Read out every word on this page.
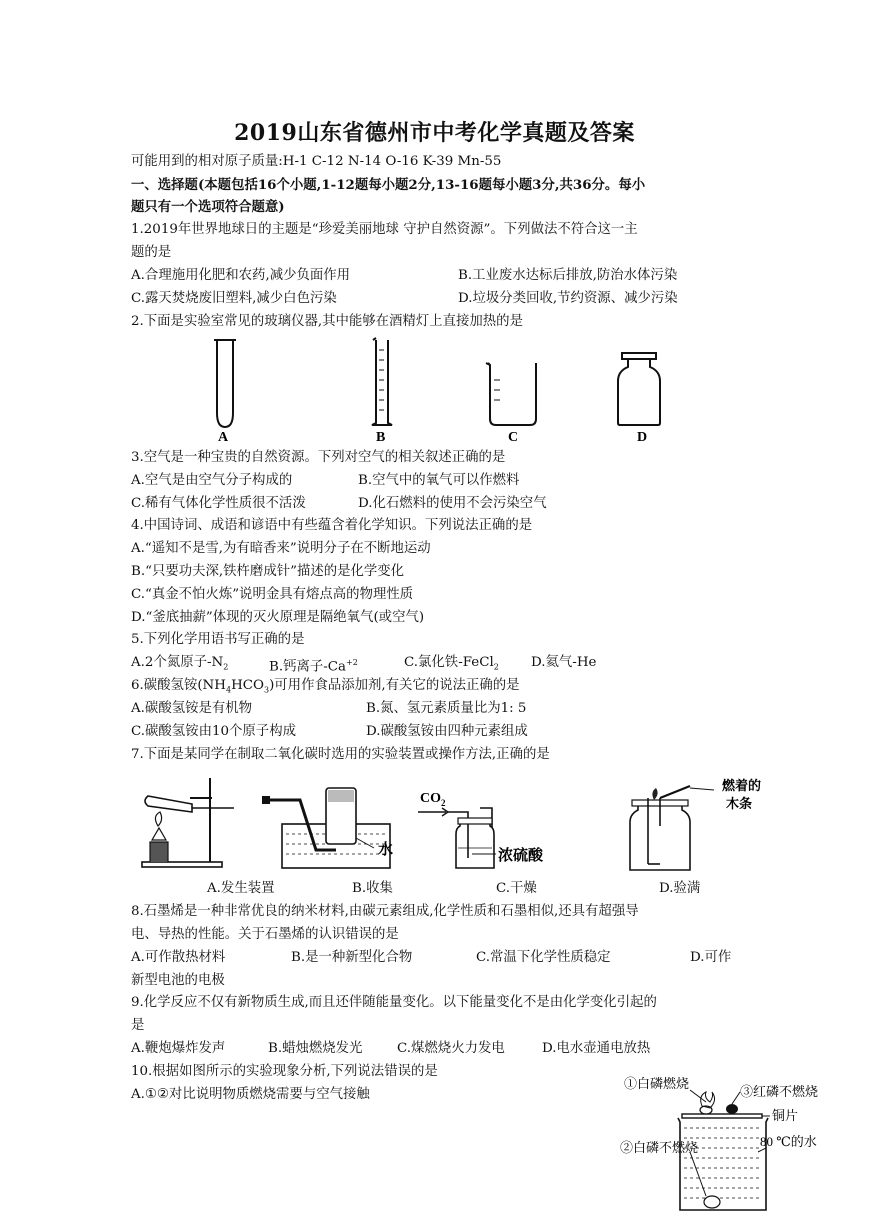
2019山东省德州市中考化学真题及答案
可能用到的相对原子质量:H-1 C-12 N-14 O-16 K-39 Mn-55
一、选择题(本题包括16个小题,1-12题每小题2分,13-16题每小题3分,共36分。每小
题只有一个选项符合题意)
1.2019年世界地球日的主题是“珍爱美丽地球 守护自然资源”。下列做法不符合这一主
题的是
A.合理施用化肥和农药,减少负面作用	B.工业废水达标后排放,防治水体污染
C.露天焚烧废旧塑料,减少白色污染	D.垃圾分类回收,节约资源、减少污染
2.下面是实验室常见的玻璃仪器,其中能够在酒精灯上直接加热的是
A	B	C	D
3.空气是一种宝贵的自然资源。下列对空气的相关叙述正确的是
A.空气是由空气分子构成的	B.空气中的氧气可以作燃料
C.稀有气体化学性质很不活泼	D.化石燃料的使用不会污染空气
4.中国诗词、成语和谚语中有些蕴含着化学知识。下列说法正确的是
A.“遥知不是雪,为有暗香来”说明分子在不断地运动
B.“只要功夫深,铁杵磨成针”描述的是化学变化
C.“真金不怕火炼”说明金具有熔点高的物理性质
D.“釜底抽薪”体现的灭火原理是隔绝氧气(或空气)
5.下列化学用语书写正确的是
A.2个氮原子$-N_2$	B.钙离子$-Ca^{+2}$	C.氯化铁-FeCl$_2$ D.氦气-He
6.碳酸氢铵$(NH_4HCO_3)$可用作食品添加剂,有关它的说法正确的是
A.碳酸氢铵是有机物	B.氮、氢元素质量比为1: 5
C.碳酸氢铵由10个原子构成	D.碳酸氢铵由四种元素组成
7.下面是某同学在制取二氧化碳时选用的实验装置或操作方法,正确的是
水
$CO_2$
浓硫酸
燃着的
木条
A.发生装置	B.收集	C.干燥	D.验满
8.石墨烯是一种非常优良的纳米材料,由碳元素组成,化学性质和石墨相似,还具有超强导
电、导热的性能。关于石墨烯的认识错误的是
A.可作散热材料	B.是一种新型化合物	C.常温下化学性质稳定	D.可作
新型电池的电极
9.化学反应不仅有新物质生成,而且还伴随能量变化。以下能量变化不是由化学变化引起的
是
A.鞭炮爆炸发声	B.蜡烛燃烧发光	C.煤燃烧火力发电	D.电水壶通电放热
10.根据如图所示的实验现象分析,下列说法错误的是
A.①②对比说明物质燃烧需要与空气接触
①白磷燃烧
③红磷不燃烧
铜片
②白磷不燃烧	80 ℃的水
